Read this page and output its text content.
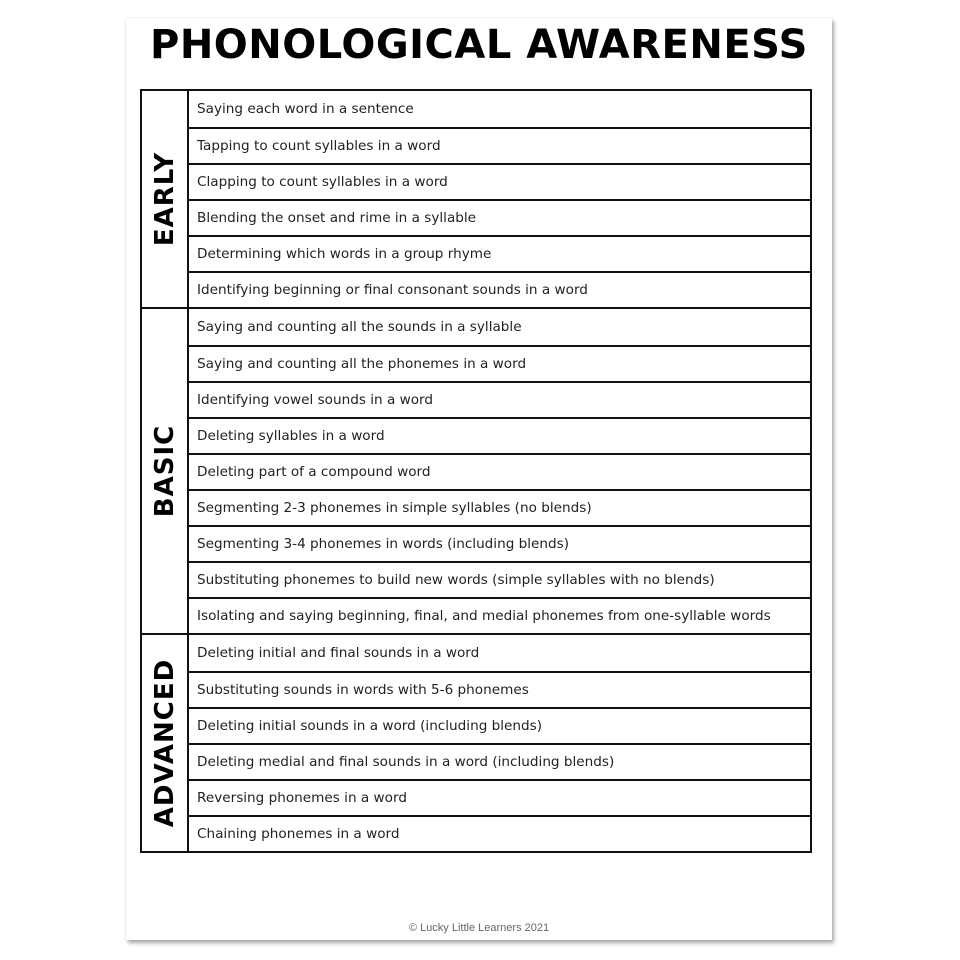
PHONOLOGICAL AWARENESS
EARLY
Saying each word in a sentence
Tapping to count syllables in a word
Clapping to count syllables in a word
Blending the onset and rime in a syllable
Determining which words in a group rhyme
Identifying beginning or final consonant sounds in a word
BASIC
Saying and counting all the sounds in a syllable
Saying and counting all the phonemes in a word
Identifying vowel sounds in a word
Deleting syllables in a word
Deleting part of a compound word
Segmenting 2-3 phonemes in simple syllables (no blends)
Segmenting 3-4 phonemes in words (including blends)
Substituting phonemes to build new words (simple syllables with no blends)
Isolating and saying beginning, final, and medial phonemes from one-syllable words
ADVANCED
Deleting initial and final sounds in a word
Substituting sounds in words with 5-6 phonemes
Deleting initial sounds in a word (including blends)
Deleting medial and final sounds in a word (including blends)
Reversing phonemes in a word
Chaining phonemes in a word
© Lucky Little Learners 2021
